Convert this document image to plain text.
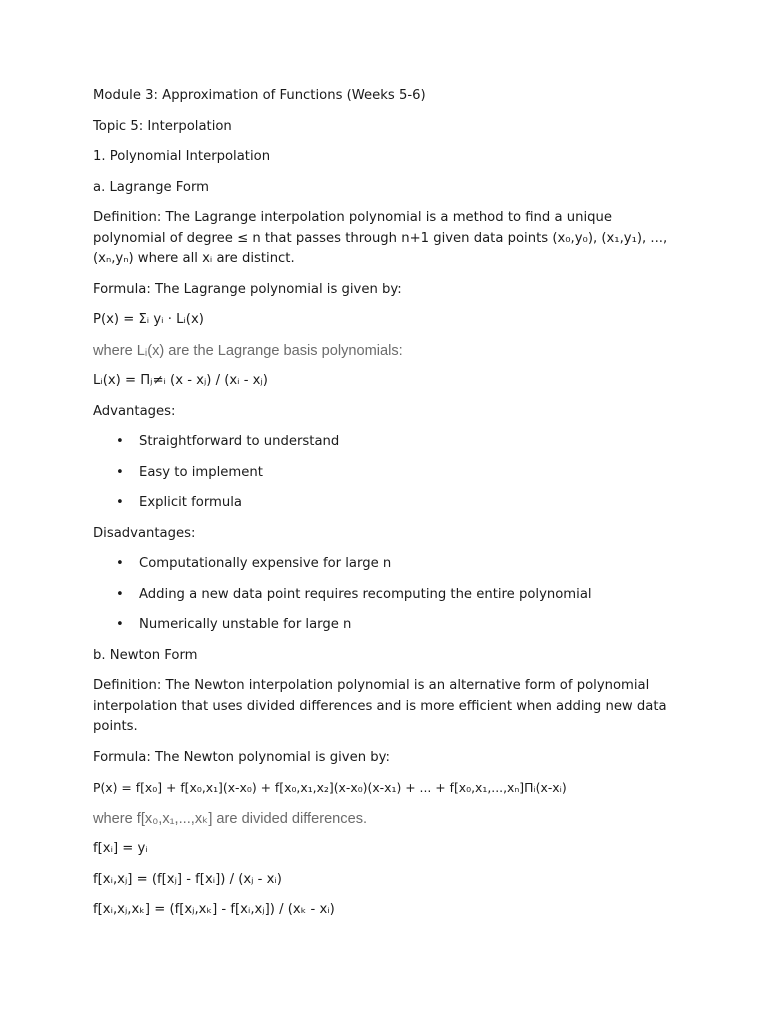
Module 3: Approximation of Functions (Weeks 5-6)

Topic 5: Interpolation

1. Polynomial Interpolation

a. Lagrange Form

Definition: The Lagrange interpolation polynomial is a method to find a unique
polynomial of degree ≤ n that passes through n+1 given data points (x₀,y₀), (x₁,y₁), ...,
(xₙ,yₙ) where all xᵢ are distinct.

Formula: The Lagrange polynomial is given by:

P(x) = Σᵢ yᵢ · Lᵢ(x)

where Lᵢ(x) are the Lagrange basis polynomials:

Lᵢ(x) = Πⱼ≠ᵢ (x - xⱼ) / (xᵢ - xⱼ)

Advantages:

• Straightforward to understand
• Easy to implement
• Explicit formula

Disadvantages:

• Computationally expensive for large n
• Adding a new data point requires recomputing the entire polynomial
• Numerically unstable for large n

b. Newton Form

Definition: The Newton interpolation polynomial is an alternative form of polynomial
interpolation that uses divided differences and is more efficient when adding new data
points.

Formula: The Newton polynomial is given by:

P(x) = f[x₀] + f[x₀,x₁](x-x₀) + f[x₀,x₁,x₂](x-x₀)(x-x₁) + ... + f[x₀,x₁,...,xₙ]Πᵢ(x-xᵢ)

where f[x₀,x₁,...,xₖ] are divided differences.

f[xᵢ] = yᵢ

f[xᵢ,xⱼ] = (f[xⱼ] - f[xᵢ]) / (xⱼ - xᵢ)

f[xᵢ,xⱼ,xₖ] = (f[xⱼ,xₖ] - f[xᵢ,xⱼ]) / (xₖ - xᵢ)
